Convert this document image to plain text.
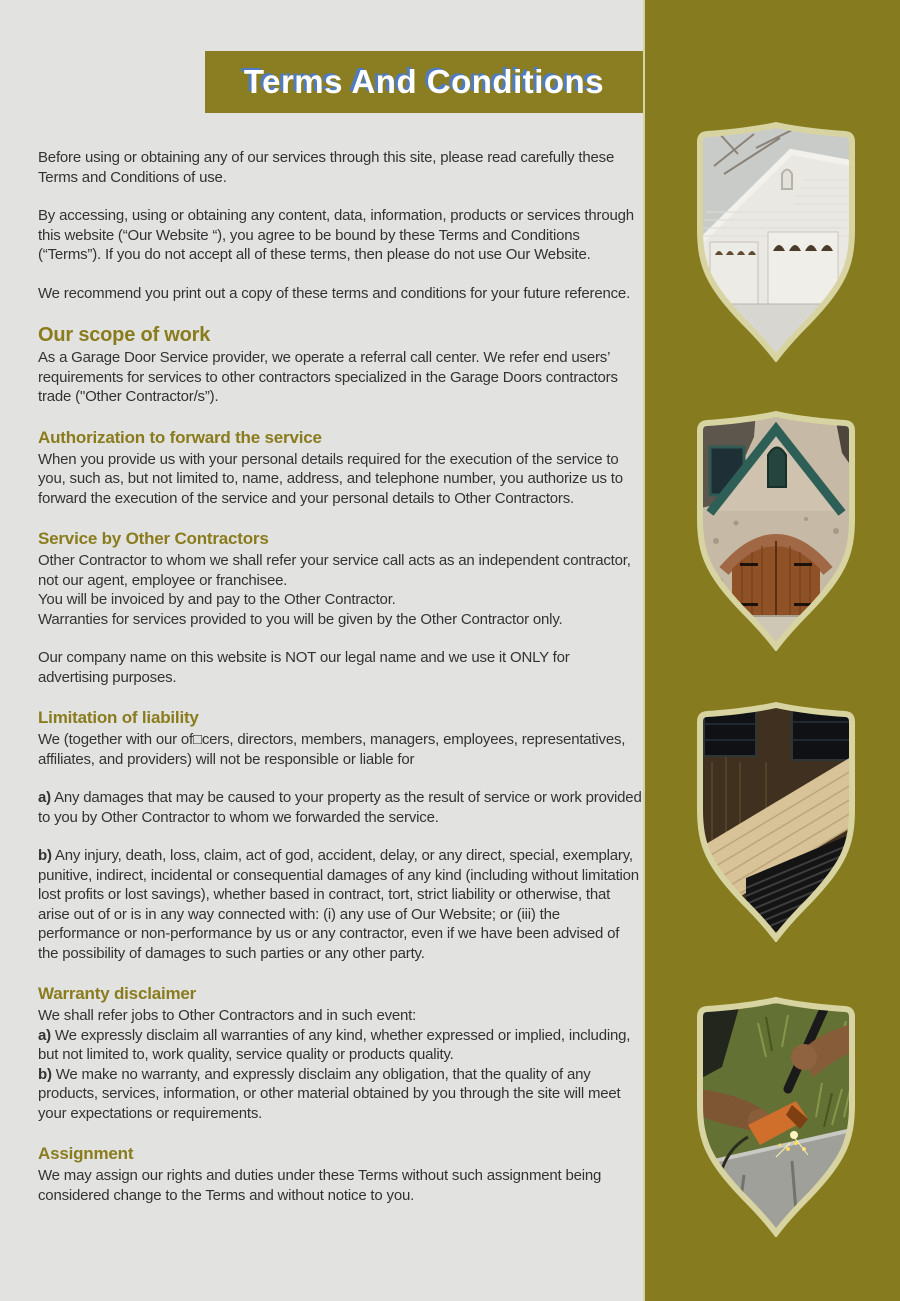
Terms And Conditions

Before using or obtaining any of our services through this site, please read carefully these Terms and Conditions of use.

By accessing, using or obtaining any content, data, information, products or services through this website (“Our Website “), you agree to be bound by these Terms and Conditions (“Terms”). If you do not accept all of these terms, then please do not use Our Website.

We recommend you print out a copy of these terms and conditions for your future reference.

Our scope of work

As a Garage Door Service provider, we operate a referral call center. We refer end users’ requirements for services to other contractors specialized in the Garage Doors contractors trade ("Other Contractor/s”).

Authorization to forward the service

When you provide us with your personal details required for the execution of the service to you, such as, but not limited to, name, address, and telephone number, you authorize us to forward the execution of the service and your personal details to Other Contractors.

Service by Other Contractors

Other Contractor to whom we shall refer your service call acts as an independent contractor, not our agent, employee or franchisee.
You will be invoiced by and pay to the Other Contractor.
Warranties for services provided to you will be given by the Other Contractor only.

Our company name on this website is NOT our legal name and we use it ONLY for advertising purposes.

Limitation of liability

We (together with our of□cers, directors, members, managers, employees, representatives, affiliates, and providers) will not be responsible or liable for

a) Any damages that may be caused to your property as the result of service or work provided to you by Other Contractor to whom we forwarded the service.

b) Any injury, death, loss, claim, act of god, accident, delay, or any direct, special, exemplary, punitive, indirect, incidental or consequential damages of any kind (including without limitation lost profits or lost savings), whether based in contract, tort, strict liability or otherwise, that arise out of or is in any way connected with: (i) any use of Our Website; or (iii) the performance or non-performance by us or any contractor, even if we have been advised of the possibility of damages to such parties or any other party.

Warranty disclaimer

We shall refer jobs to Other Contractors and in such event:
a) We expressly disclaim all warranties of any kind, whether expressed or implied, including, but not limited to, work quality, service quality or products quality.
b) We make no warranty, and expressly disclaim any obligation, that the quality of any products, services, information, or other material obtained by you through the site will meet your expectations or requirements.

Assignment

We may assign our rights and duties under these Terms without such assignment being considered change to the Terms and without notice to you.
